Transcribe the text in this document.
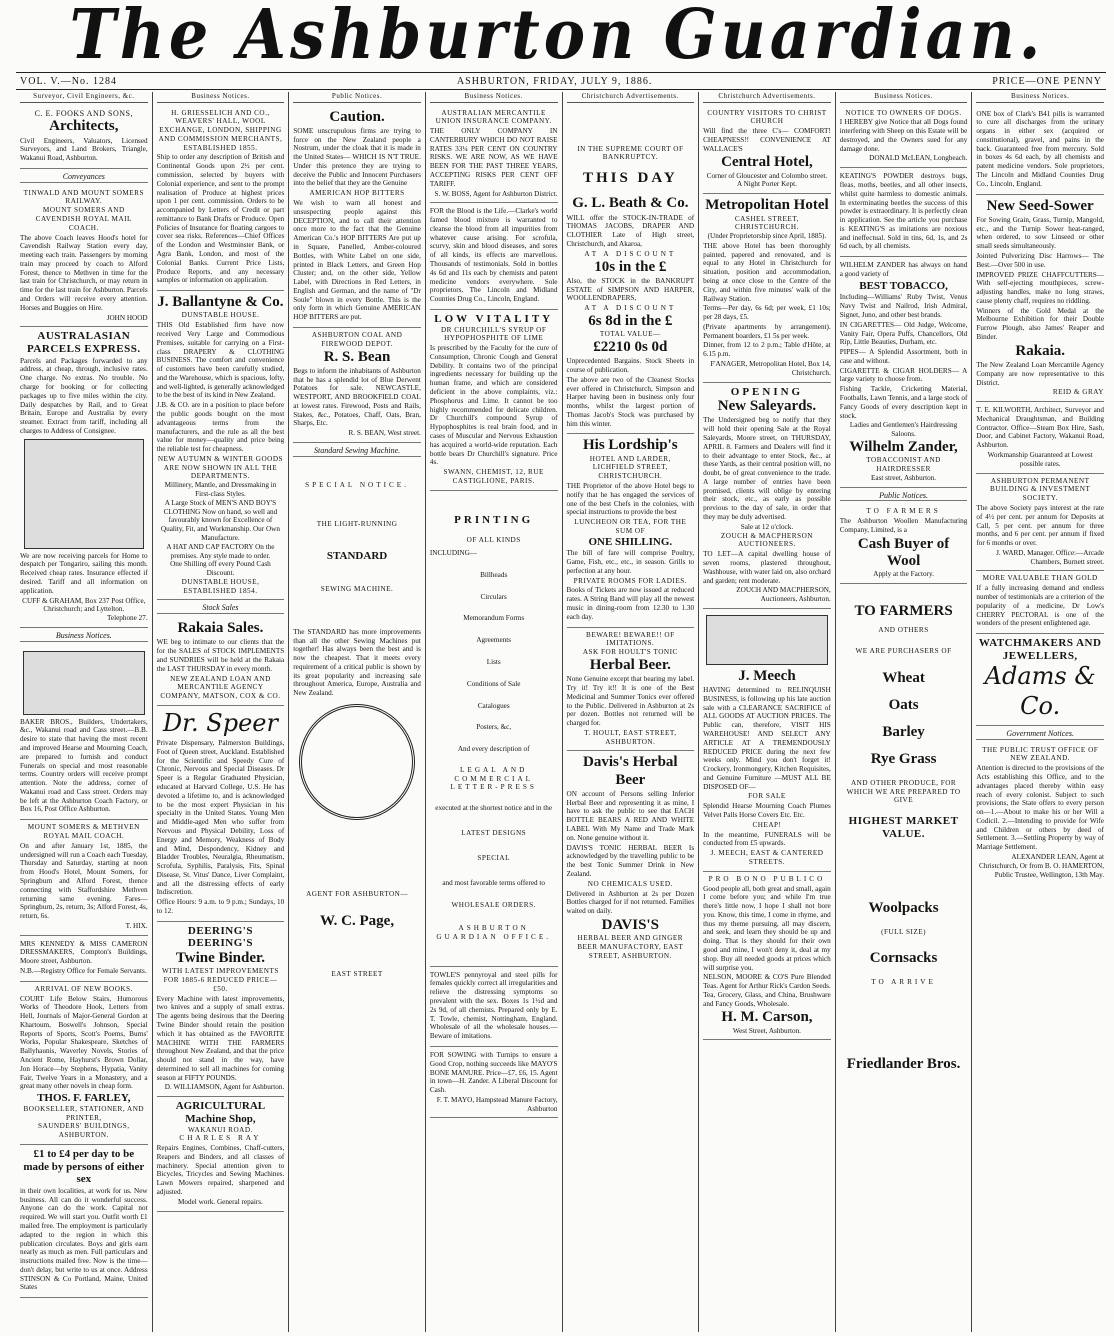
The Ashburton Guardian.
VOL. V.—No. 1284	ASHBURTON, FRIDAY, JULY 9, 1886.	PRICE—ONE PENNY
Surveyor, Civil Engineers, &c.
C. E. FOOKS AND SONS,
Architects,

Civil Engineers, Valuators, Licensed Surveyors, and Land Brokers, Triangle, Wakanui Road, Ashburton.

Conveyances
TINWALD AND MOUNT SOMERS RAILWAY.
MOUNT SOMERS AND CAVENDISH ROYAL MAIL COACH.

The above Coach leaves Hood's hotel for Cavendish Railway Station every day, meeting each train. Passengers by morning train may proceed by coach to Alford Forest, thence to Methven in time for the last train for Christchurch, or may return in time for the last train for Ashburton. Parcels and Orders will receive every attention. Horses and Buggies on Hire.

JOHN HOOD
AUSTRALASIAN PARCELS EXPRESS.

Parcels and Packages forwarded to any address, at cheap, through, inclusive rates. One charge. No extras. No trouble. No charge for booking or for collecting packages up to five miles within the city. Daily despatches by Rail, and to Great Britain, Europe and Australia by every steamer. Extract from tariff, including all charges to Address of Consignee.

We are now receiving parcels for Home to despatch per Tongariro, sailing this month. Received cheap rates. Insurance effected if desired. Tariff and all information on application.

CUFF & GRAHAM, Box 237 Post Office, Christchurch; and Lyttelton.
Telephone 27.
Business Notices.

BAKER BROS., Builders, Undertakers, &c., Wakanui road and Cass street.—B.B. desire to state that having the most recent and improved Hearse and Mourning Coach, are prepared to furnish and conduct Funerals on special and most reasonable terms. Country orders will receive prompt attention. Note the address, corner of Wakanui road and Cass street. Orders may be left at the Ashburton Coach Factory, or Box 16, Post Office Ashburton.

MOUNT SOMERS & METHVEN ROYAL MAIL COACH.

On and after January 1st, 1885, the undersigned will run a Coach each Tuesday, Thursday and Saturday, starting at noon from Hood's Hotel, Mount Somers, for Springburn and Alford Forest, thence connecting with Staffordshire Methven returning same evening. Fares—Springburn, 2s, return, 3s; Alford Forest, 4s, return, 6s.

T. HIX.

MRS KENNEDY & MISS CAMERON DRESSMAKERS, Compton's Buildings, Moore street, Ashburton.

N.B.—Registry Office for Female Servants.

ARRIVAL OF NEW BOOKS.

COURT Life Below Stairs, Humorous Works of Theodore Hook, Letters from Hell, Journals of Major-General Gordon at Khartoum, Boswell's Johnson, Special Reports of Sports, Scott's Poems, Burns' Works, Popular Shakespeare, Sketches of Ballyhaunis, Waverley Novels, Stories of Ancient Rome, Hayhurst's Brown Dollar, Jon Horace—by Stephens, Hypatia, Vanity Fair, Twelve Years in a Monastery, and a great many other novels in cheap form.

THOS. F. FARLEY,
BOOKSELLER, STATIONER, AND PRINTER,
SAUNDERS' BUILDINGS, ASHBURTON.
£1 to £4 per day to be made by persons of either sex

in their own localities, at work for us. New business. All can do it wonderful success. Anyone can do the work. Capital not required. We will start you. Outfit worth £1 mailed free. The employment is particularly adapted to the region in which this publication circulates. Boys and girls earn nearly as much as men. Full particulars and instructions mailed free. Now is the time—don't delay, but write to us at once. Address STINSON & Co Portland, Maine, United States

Business Notices.
H. GRIESSELICH AND CO., WEAVERS' HALL, WOOL EXCHANGE, LONDON, SHIPPING AND COMMISSION MERCHANTS, ESTABLISHED 1855.

Ship to order any description of British and Continental Goods upon 2½ per cent. commission, selected by buyers with Colonial experience, and sent to the prompt realisation of Produce at highest prices upon 1 per cent. commission. Orders to be accompanied by Letters of Credit or part remittance to Bank Drafts or Produce. Open Policies of Insurance for floating cargoes to cover sea risks. References—Chief Offices of the London and Westminster Bank, or Agra Bank, London, and most of the Colonial Banks. Current Price Lists, Produce Reports, and any necessary samples or information on application.

J. Ballantyne & Co.
DUNSTABLE HOUSE.

THIS Old Established firm have now received Very Large and Commodious Premises, suitable for carrying on a First-class DRAPERY & CLOTHING BUSINESS. The comfort and convenience of customers have been carefully studied, and the Warehouse, which is spacious, lofty, and well-lighted, is generally acknowledged to be the best of its kind in New Zealand.

J.B. & CO. are in a position to place before the public goods bought on the most advantageous terms from the manufacturers, and the rule as all the best value for money—quality and price being the reliable test for cheapness.

NEW AUTUMN & WINTER GOODS ARE NOW SHOWN IN ALL THE DEPARTMENTS.
Millinery, Mantle, and Dressmaking in First-class Styles.
A Large Stock of MEN'S AND BOY'S CLOTHING Now on hand, so well and favourably known for Excellence of Quality, Fit, and Workmanship. Our Own Manufacture.
A HAT AND CAP FACTORY On the premises. Any style made to order.
One Shilling off every Pound Cash Discount.
DUNSTABLE HOUSE, ESTABLISHED 1854.
Stock Sales
Rakaia Sales.

WE beg to intimate to our clients that the for the SALES of STOCK IMPLEMENTS and SUNDRIES will be held at the Rakaia the LAST THURSDAY in every month.

NEW ZEALAND LOAN AND MERCANTILE AGENCY COMPANY, MATSON, COX & CO.
Dr. Speer

Private Dispensary, Palmerston Buildings, Foot of Queen street, Auckland. Established for the Scientific and Speedy Cure of Chronic, Nervous and Special Diseases. Dr Speer is a Regular Graduated Physician, educated at Harvard College, U.S. He has devoted a lifetime to, and is acknowledged to be the most expert Physician in his specialty in the United States. Young Men and Middle-aged Men who suffer from Nervous and Physical Debility, Loss of Energy and Memory, Weakness of Body and Mind, Despondency, Kidney and Bladder Troubles, Neuralgia, Rheumatism, Scrofula, Syphilis, Paralysis, Fits, Spinal Disease, St. Vitus' Dance, Liver Complaint, and all the distressing effects of early Indiscretion.

Office Hours: 9 a.m. to 9 p.m.; Sundays, 10 to 12.

DEERING'S DEERING'S
Twine Binder.
WITH LATEST IMPROVEMENTS FOR 1885-6 REDUCED PRICE—£50.

Every Machine with latest improvements, two knives and a supply of small extras. The agents being desirous that the Deering Twine Binder should retain the position which it has obtained as the FAVORITE MACHINE WITH THE FARMERS throughout New Zealand, and that the price should not stand in the way, have determined to sell all machines for coming season at FIFTY POUNDS.

D. WILLIAMSON, Agent for Ashburton.
AGRICULTURAL Machine Shop,
WAKANUI ROAD.
CHARLES RAY

Repairs Engines, Combines, Chaff-cutters, Reapers and Binders, and all classes of machinery. Special attention given to Bicycles, Tricycles and Sewing Machines. Lawn Mowers repaired, sharpened and adjusted.

Model work. General repairs.
Public Notices.
Caution.

SOME unscrupulous firms are trying to force on the New Zealand people a Nostrum, under the cloak that it is made in the United States— WHICH IS N'T TRUE. Under this pretence they are trying to deceive the Public and Innocent Purchasers into the belief that they are the Genuine

AMERICAN HOP BITTERS

We wish to warn all honest and unsuspecting people against this DECEPTION, and to call their attention once more to the fact that the Genuine American Co.'s HOP BITTERS Are put up in Square, Panelled, Amber-coloured Bottles, with White Label on one side, printed in Black Letters, and Green Hop Cluster; and, on the other side, Yellow Label, with Directions in Red Letters, in English and German, and the name of "Dr Soule" blown in every Bottle. This is the only form in which Genuine AMERICAN HOP BITTERS are put.

ASHBURTON COAL AND FIREWOOD DEPOT.
R. S. Bean

Begs to inform the inhabitants of Ashburton that he has a splendid lot of Blue Derwent Potatoes for sale. NEWCASTLE, WESTPORT, AND BROOKFIELD COAL at lowest rates. Firewood, Posts and Rails, Stakes, &c., Potatoes, Chaff, Oats, Bran, Sharps, Etc.

R. S. BEAN, West street.
Standard Sewing Machine.
SPECIAL NOTICE.
THE LIGHT-RUNNING
STANDARD
SEWING MACHINE.

The STANDARD has more improvements than all the other Sewing Machines put together! Has always been the best and is now the cheapest. That it meets every requirement of a critical public is shown by its great popularity and increasing sale throughout America, Europe, Australia and New Zealand.

AGENT FOR ASHBURTON—
W. C. Page,
EAST STREET
Business Notices.
AUSTRALIAN MERCANTILE UNION INSURANCE COMPANY.

THE ONLY COMPANY IN CANTERBURY WHICH DO NOT RAISE RATES 33¼ PER CENT ON COUNTRY RISKS. WE ARE NOW, AS WE HAVE BEEN FOR THE PAST THREE YEARS, ACCEPTING RISKS PER CENT OFF TARIFF.

S. W. BOSS, Agent for Ashburton District.

FOR the Blood is the Life.—Clarke's world famed blood mixture is warranted to cleanse the blood from all impurities from whatever cause arising. For scrofula, scurvy, skin and blood diseases, and sores of all kinds, its effects are marvellous. Thousands of testimonials. Sold in bottles 4s 6d and 11s each by chemists and patent medicine vendors everywhere. Sole proprietors, The Lincoln and Midland Counties Drug Co., Lincoln, England.

LOW VITALITY
DR CHURCHILL'S SYRUP OF HYPOPHOSPHITE OF LIME

Is prescribed by the Faculty for the cure of Consumption, Chronic Cough and General Debility. It contains two of the principal ingredients necessary for building up the human frame, and which are considered deficient in the above complaints, viz.: Phosphorus and Lime. It cannot be too highly recommended for delicate children. Dr Churchill's compound Syrup of Hypophosphites is real brain food, and in cases of Muscular and Nervous Exhaustion has acquired a world-wide reputation. Each bottle bears Dr Churchill's signature. Price 4s.

SWANN, CHEMIST, 12, RUE CASTIGLIONE, PARIS.
PRINTING
OF ALL KINDS
INCLUDING—
Billheads
Circulars
Memorandum Forms
Agreements
Lists
Conditions of Sale
Catalogues
Posters, &c,
And every description of
LEGAL AND COMMERCIAL LETTER-PRESS
executed at the shortest notice and in the
LATEST DESIGNS
SPECIAL
and most favorable terms offered to
WHOLESALE ORDERS.
ASHBURTON GUARDIAN OFFICE.

TOWLE'S pennyroyal and steel pills for females quickly correct all irregularities and relieve the distressing symptoms so prevalent with the sex. Boxes 1s 1½d and 2s 9d, of all chemists. Prepared only by E. T. Towle, chemist, Nottingham, England. Wholesale of all the wholesale houses.—Beware of imitations.

FOR SOWING with Turnips to ensure a Good Crop, nothing succeeds like MAYO'S BONE MANURE. Price—£7, £6, 15. Agent in town—H. Zander. A Liberal Discount for Cash.

F. T. MAYO, Hampstead Manure Factory, Ashburton
Christchurch Advertisements.
IN THE SUPREME COURT OF BANKRUPTCY.
THIS DAY
G. L. Beath & Co.

WILL offer the STOCK-IN-TRADE of THOMAS JACOBS, DRAPER AND CLOTHIER Late of High street, Christchurch, and Akaroa,

AT A DISCOUNT
10s in the £

Also, the STOCK in the BANKRUPT ESTATE of SIMPSON AND HARPER, WOOLLENDRAPERS,

AT A DISCOUNT
6s 8d in the £
TOTAL VALUE—
£2210 0s 0d

Unprecedented Bargains. Stock Sheets in course of publication.

The above are two of the Cleanest Stocks ever offered in Christchurch, Simpson and Harper having been in business only four months, whilst the largest portion of Thomas Jacob's Stock was purchased by him this winter.

His Lordship's
HOTEL AND LARDER,
LICHFIELD STREET, CHRISTCHURCH.

THE Proprietor of the above Hotel begs to notify that he has engaged the services of one of the best Chefs in the colonies, with special instructions to provide the best

LUNCHEON OR TEA, FOR THE SUM OF
ONE SHILLING.

The bill of fare will comprise Poultry, Game, Fish, etc., etc., in season. Grills to perfection at any hour.

PRIVATE ROOMS FOR LADIES.

Books of Tickets are now issued at reduced rates. A String Band will play all the newest music in dining-room from 12.30 to 1.30 each day.

BEWARE! BEWARE!! OF IMITATIONS.
ASK FOR HOULT'S TONIC
Herbal Beer.

None Genuine except that bearing my label. Try it! Try it!! It is one of the Best Medicinal and Summer Tonics ever offered to the Public. Delivered in Ashburton at 2s per dozen. Bottles not returned will be charged for.

T. HOULT, EAST STREET, ASHBURTON.
Davis's Herbal Beer

ON account of Persons selling Inferior Herbal Beer and representing it as mine, I have to ask the public to see that EACH BOTTLE BEARS A RED AND WHITE LABEL With My Name and Trade Mark on. None genuine without it.

DAVIS'S TONIC HERBAL BEER Is acknowledged by the travelling public to be the best Tonic Summer Drink in New Zealand.

NO CHEMICALS USED.

Delivered in Ashburton at 2s per Dozen Bottles charged for if not returned. Families waited on daily.

DAVIS'S
HERBAL BEER AND GINGER BEER MANUFACTORY, EAST STREET, ASHBURTON.
Christchurch Advertisements.
COUNTRY VISITORS TO CHRIST CHURCH

Will find the three C's— COMFORT! CHEAPNESS!! CONVENIENCE AT WALLACE'S

Central Hotel,
Corner of Gloucester and Colombo street.
A Night Porter Kept.
Metropolitan Hotel
CASHEL STREET, CHRISTCHURCH.
(Under Proprietorship since April, 1885).

THE above Hotel has been thoroughly painted, papered and renovated, and is equal to any Hotel in Christchurch for situation, position and accommodation, being at once close to the Centre of the City, and within five minutes' walk of the Railway Station.

Terms—Per day, 6s 6d; per week, £1 10s; per 28 days, £5.

(Private apartments by arrangement). Permanent boarders, £1 5s per week.

Dinner, from 12 to 2 p.m.; Table d'Hôte, at 6.15 p.m.

F'ANAGER, Metropolitan Hotel, Box 14, Christchurch.
OPENING
New Saleyards.

The Undersigned beg to notify that they will hold their opening Sale at the Royal Saleyards, Moore street, on THURSDAY, APRIL 8. Farmers and Dealers will find it to their advantage to enter Stock, &c., at these Yards, as their central position will, no doubt, be of great convenience to the trade. A large number of entries have been promised, clients will oblige by entering their stock, etc., as early as possible previous to the day of sale, in order that they may be duly advertised.

Sale at 12 o'clock.
ZOUCH & MACPHERSON AUCTIONEERS.

TO LET—A capital dwelling house of seven rooms, plastered throughout, Washhouse, with water laid on, also orchard and garden; rent moderate.

ZOUCH AND MACPHERSON, Auctioneers, Ashburton.
J. Meech

HAVING determined to RELINQUISH BUSINESS, is following up his late auction sale with a CLEARANCE SACRIFICE of ALL GOODS AT AUCTION PRICES. The Public can, therefore, VISIT HIS WAREHOUSE! AND SELECT ANY ARTICLE AT A TREMENDOUSLY REDUCED PRICE during the next few weeks only. Mind you don't forget it! Crockery, Ironmongery, Kitchen Requisites, and Genuine Furniture —MUST ALL BE DISPOSED OF—

FOR SALE

Splendid Hearse Mourning Coach Plumes Velvet Palls Horse Covers Etc. Etc.

CHEAP!

In the meantime, FUNERALS will be conducted from £5 upwards.

J. MEECH, EAST & CANTERED STREETS.
PRO BONO PUBLICO

Good people all, both great and small, again I come before you; and while I'm true there's little now, I hope I shall not bore you. Know, this time, I come in rhyme, and thus my theme pursuing, all may discern, and seek, and learn they should be up and doing. That is they should for their own good and mine, I won't deny it, deal at my shop. Buy all needed goods at prices which will surprise you.

NELSON, MOORE & CO'S Pure Blended Teas. Agent for Arthur Rick's Cardon Seeds. Tea, Grocery, Glass, and China, Brushware and Fancy Goods, Wholesale.

H. M. Carson,
West Street, Ashburton.
Business Notices.
NOTICE TO OWNERS OF DOGS.

I HEREBY give Notice that all Dogs found interfering with Sheep on this Estate will be destroyed, and the Owners sued for any damage done.

DONALD McLEAN, Longbeach.

KEATING'S POWDER destroys bugs, fleas, moths, beetles, and all other insects, whilst quite harmless to domestic animals. In exterminating beetles the success of this powder is extraordinary. It is perfectly clean in application. See the article you purchase is KEATING'S as imitations are noxious and ineffectual. Sold in tins, 6d, 1s, and 2s 6d each, by all chemists.

WILHELM ZANDER has always on hand a good variety of

BEST TOBACCO,

Including—Williams' Ruby Twist, Venus Navy Twist and Nailrod, Irish Admiral, Signet, Juno, and other best brands.

IN CIGARETTES— Old Judge, Welcome, Vanity Fair, Opera Puffs, Chancellors, Old Rip, Little Beauties, Durham, etc.

PIPES— A Splendid Assortment, both in case and without.

CIGARETTE & CIGAR HOLDERS— A large variety to choose from.

Fishing Tackle, Cricketing Material, Footballs, Lawn Tennis, and a large stock of Fancy Goods of every description kept in stock.

Ladies and Gentlemen's Hairdressing Saloons.
Wilhelm Zander,
TOBACCONIST AND HAIRDRESSER
East street, Ashburton.
Public Notices.
TO FARMERS

The Ashburton Woollen Manufacturing Company, Limited, is a

Cash Buyer of Wool
Apply at the Factory.
TO FARMERS
AND OTHERS
WE ARE PURCHASERS OF
Wheat
Oats
Barley
Rye Grass
AND OTHER PRODUCE, FOR WHICH WE ARE PREPARED TO GIVE
HIGHEST MARKET VALUE.
Woolpacks
(FULL SIZE)
Cornsacks
TO ARRIVE
Friedlander Bros.
Business Notices.

ONE box of Clark's B41 pills is warranted to cure all discharges from the urinary organs in either sex (acquired or constitutional), gravel, and pains in the back. Guaranteed free from mercury. Sold in boxes 4s 6d each, by all chemists and patent medicine vendors. Sole proprietors, The Lincoln and Midland Counties Drug Co., Lincoln, England.

New Seed-Sower

For Sowing Grain, Grass, Turnip, Mangold, etc., and the Turnip Sower heat-ranged, when ordered, to sow Linseed or other small seeds simultaneously.

Jointed Pulverizing Disc Harrows— The Best.—Over 500 in use.

IMPROVED PRIZE CHAFFCUTTERS—With self-ejecting mouthpieces, screw-adjusting handles, make no long straws, cause plenty chaff, requires no riddling.

Winners of the Gold Medal at the Melbourne Exhibition for their Double Furrow Plough, also James' Reaper and Binder.

Rakaia.

The New Zealand Loan Mercantile Agency Company are now representative to this District.

REID & GRAY

T. E. KILWORTH, Architect, Surveyor and Mechanical Draughtsman, and Building Contractor. Office—Steam Box Hire, Sash, Door, and Cabinet Factory, Wakanui Road, Ashburton.

Workmanship Guaranteed at Lowest possible rates.
ASHBURTON PERMANENT BUILDING & INVESTMENT SOCIETY.

The above Society pays interest at the rate of 4½ per cent. per annum for Deposits at Call, 5 per cent. per annum for three months, and 6 per cent. per annum if fixed for 6 months or over.

J. WARD, Manager. Office:—Arcade Chambers, Burnett street.
MORE VALUABLE THAN GOLD

If a fully increasing demand and endless number of testimonials are a criterion of the popularity of a medicine, Dr Low's CHERRY PECTORAL is one of the wonders of the present enlightened age.

WATCHMAKERS AND JEWELLERS,
Adams & Co.
Government Notices.
THE PUBLIC TRUST OFFICE OF NEW ZEALAND.

Attention is directed to the provisions of the Acts establishing this Office, and to the advantages placed thereby within easy reach of every colonist. Subject to such provisions, the State offers to every person on—1.—About to make his or her Will a Codicil. 2.—Intending to provide for Wife and Children or others by deed of Settlement. 3.—Settling Property by way of Marriage Settlement.

ALEXANDER LEAN, Agent at Christchurch, Or from B. O. HAMERTON, Public Trustee, Wellington, 13th May.
